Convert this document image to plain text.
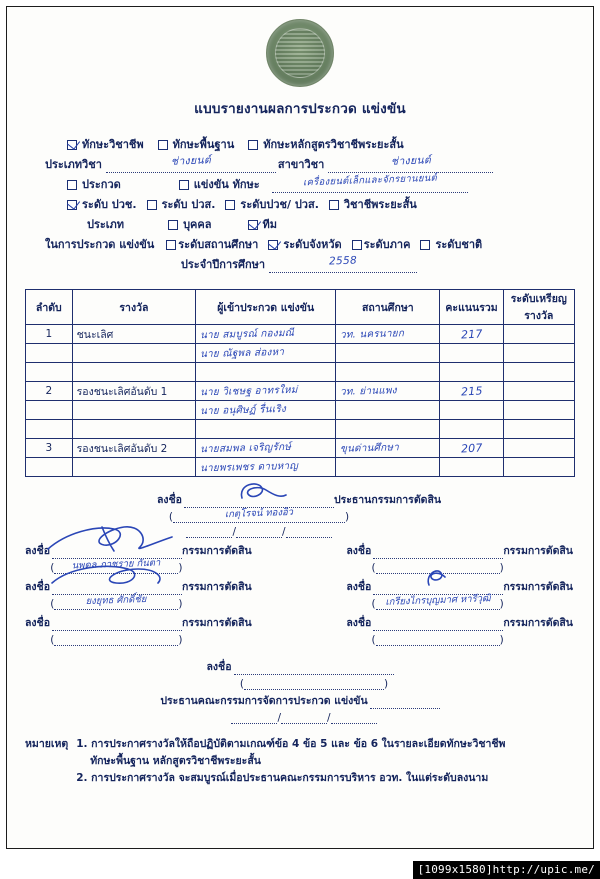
แบบรายงานผลการประกวด แข่งขัน
ทักษะวิชาชีพ	ทักษะพื้นฐาน	ทักษะหลักสูตรวิชาชีพระยะสั้น
ประเภทวิชา	ช่างยนต์	สาขาวิชา	ช่างยนต์
ประกวด	แข่งขัน ทักษะ	เครื่องยนต์เล็กและจักรยานยนต์
ระดับ ปวช. ระดับ ปวส. ระดับปวช/ ปวส. วิชาชีพระยะสั้น
ประเภท	บุคคล	ทีม
ในการประกวด แข่งขัน ระดับสถานศึกษา ระดับจังหวัด ระดับภาค ระดับชาติ
ประจำปีการศึกษา	2558
ลำดับ	รางวัล	ผู้เข้าประกวด แข่งขัน	สถานศึกษา	คะแนนรวม	ระดับเหรียญรางวัล
1	ชนะเลิศ	นาย สมบูรณ์ กองมณี	วท. นครนายก	217	
		นาย ณัฐพล ส่องหา			

2	รองชนะเลิศอันดับ 1	นาย วิเชษฐ อาทรใหม่	วท. ย่านแพง	215	
		นาย อนุศิษฏ์ รื่นเริง			

3	รองชนะเลิศอันดับ 2	นายสมพล เจริญรักษ์	ขุนด่านศึกษา	207	
		นายพรเพชร ดาบหาญ			
ลงชื่อ	ประธานกรรมการตัดสิน
(	เกตุโรจน์ ทองอิว	)
/	/
ลงชื่อ	กรรมการตัดสิน
( นพดล ภาชราย กันตา )
ลงชื่อ	กรรมการตัดสิน
(	)
ลงชื่อ	กรรมการตัดสิน
(	ยงยุทธ ศักดิ์ชัย	)
ลงชื่อ	กรรมการตัดสิน
( เกรียงไกรบุญมาศ หารีวุฒิ )
ลงชื่อ	กรรมการตัดสิน
(	)
ลงชื่อ	กรรมการตัดสิน
(	)
ลงชื่อ
(	)
ประธานคณะกรรมการจัดการประกวด แข่งขัน
/	/
หมายเหตุ 1. การประกาศรางวัลให้ถือปฏิบัติตามเกณฑ์ข้อ 4 ข้อ 5 และ ข้อ 6 ในรายละเอียดทักษะวิชาชีพ
ทักษะพื้นฐาน หลักสูตรวิชาชีพระยะสั้น
2. การประกาศรางวัล จะสมบูรณ์เมื่อประธานคณะกรรมการบริหาร อวท. ในแต่ระดับลงนาม
[1099x1580]http://upic.me/
